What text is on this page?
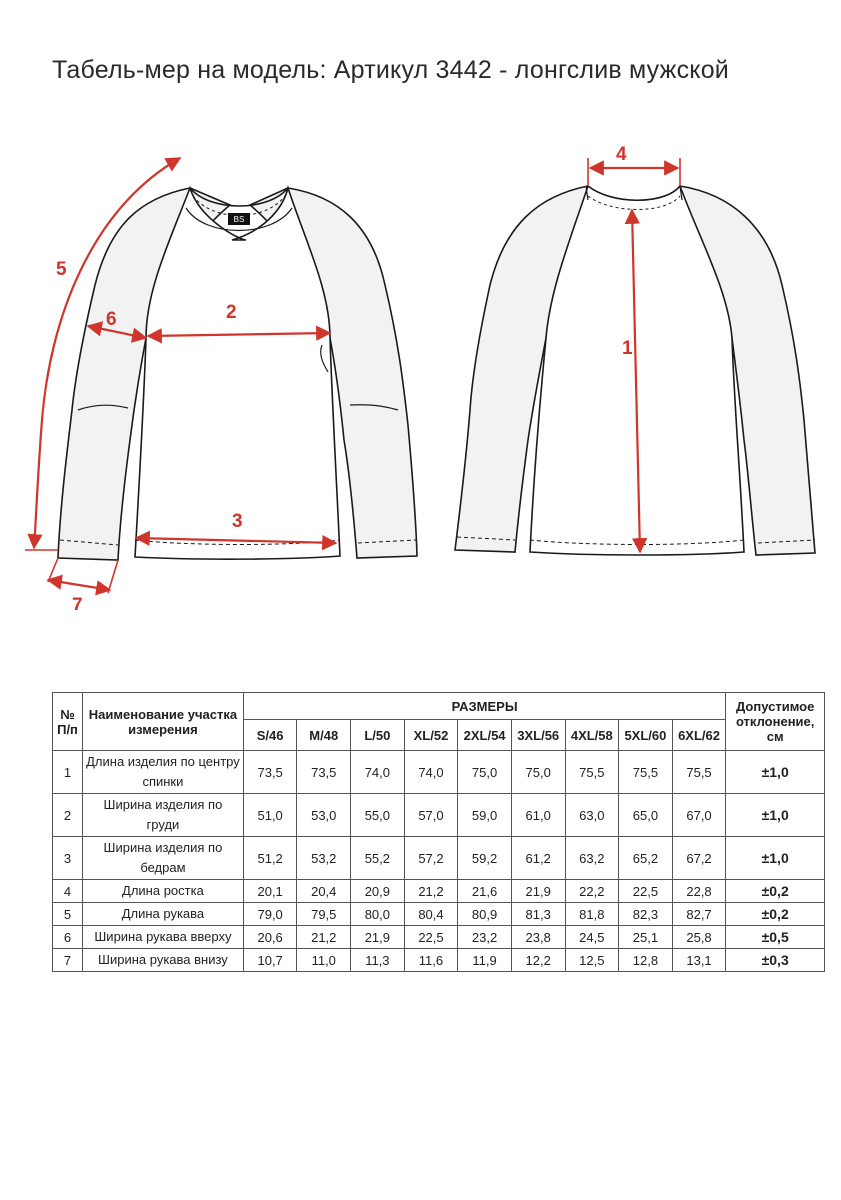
Табель-мер на модель: Артикул 3442 - лонгслив мужской
BS
5
6	2
3
7
4
1
№ П/п	Наименование участка измерения	РАЗМЕРЫ									Допустимое отклонение, см
		S/46	M/48	L/50	XL/52	2XL/54	3XL/56	4XL/58	5XL/60	6XL/62	
1	Длина изделия по центру спинки	73,5	73,5	74,0	74,0	75,0	75,0	75,5	75,5	75,5	±1,0
2	Ширина изделия по груди	51,0	53,0	55,0	57,0	59,0	61,0	63,0	65,0	67,0	±1,0
3	Ширина изделия по бедрам	51,2	53,2	55,2	57,2	59,2	61,2	63,2	65,2	67,2	±1,0
4	Длина ростка	20,1	20,4	20,9	21,2	21,6	21,9	22,2	22,5	22,8	±0,2
5	Длина рукава	79,0	79,5	80,0	80,4	80,9	81,3	81,8	82,3	82,7	±0,2
6	Ширина рукава вверху	20,6	21,2	21,9	22,5	23,2	23,8	24,5	25,1	25,8	±0,5
7	Ширина рукава внизу	10,7	11,0	11,3	11,6	11,9	12,2	12,5	12,8	13,1	±0,3
